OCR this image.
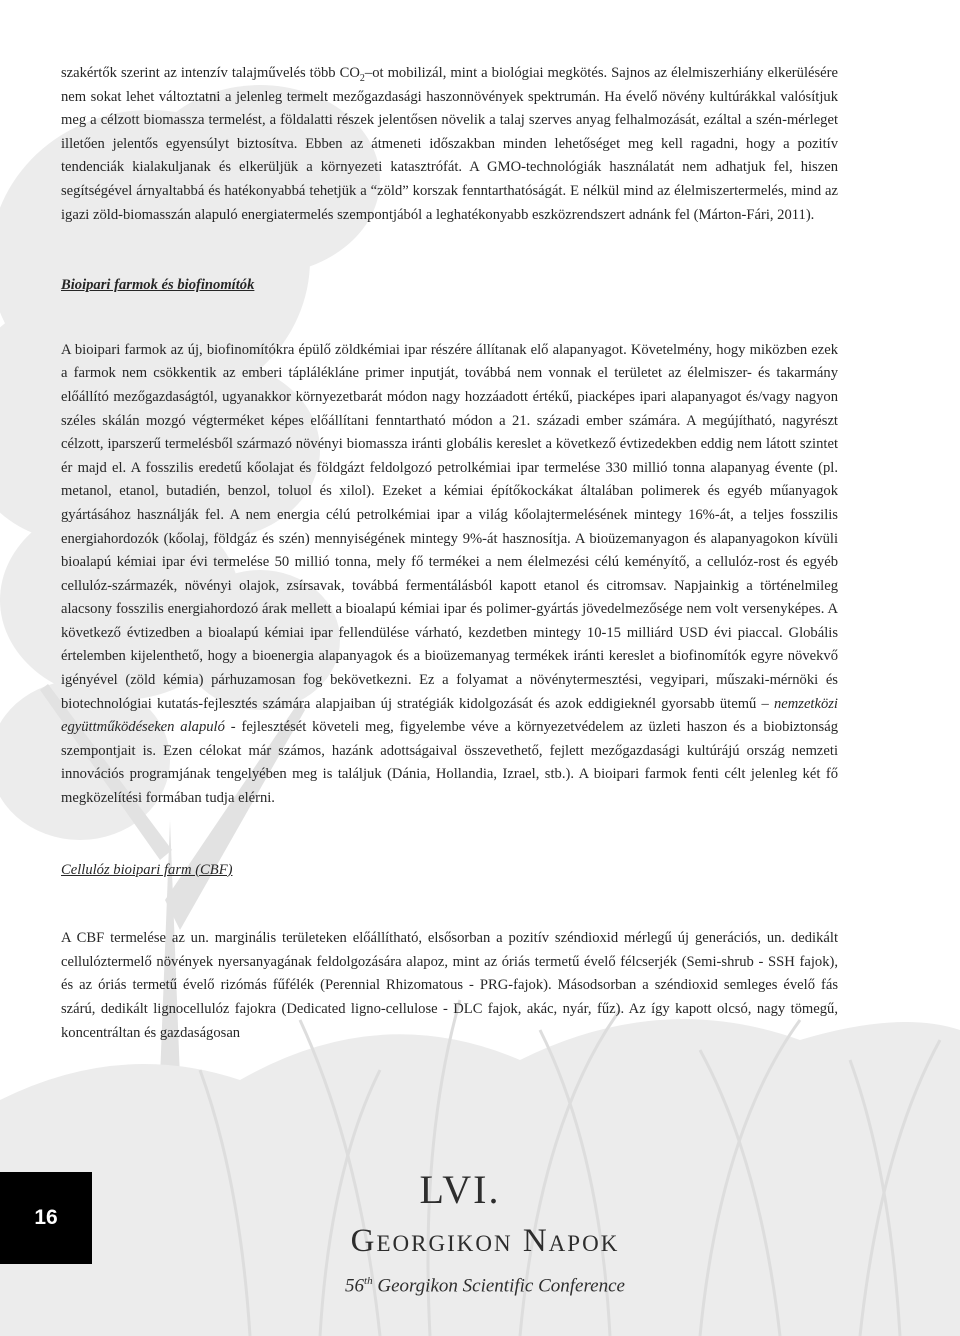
szakértők szerint az intenzív talajművelés több $CO_2-ot$ mobilizál, mint a biológiai megkötés. Sajnos az élelmiszerhiány elkerülésére nem sokat lehet változtatni a jelenleg termelt mezőgazdasági haszonnövények spektrumán. Ha évelő növény kultúrákkal valósítjuk meg a célzott biomassza termelést, a földalatti részek jelentősen növelik a talaj szerves anyag felhalmozását, ezáltal a szén-mérleget illetően jelentős egyensúlyt biztosítva. Ebben az átmeneti időszakban minden lehetőséget meg kell ragadni, hogy a pozitív tendenciák kialakuljanak és elkerüljük a környezeti katasztrófát. A GMO-technológiák használatát nem adhatjuk fel, hiszen segítségével árnyaltabbá és hatékonyabbá tehetjük a “zöld” korszak fenntarthatóságát. E nélkül mind az élelmiszertermelés, mind az igazi zöld-biomasszán alapuló energiatermelés szempontjából a leghatékonyabb eszközrendszert adnánk fel (Márton-Fári, 2011).

Bioipari farmok és biofinomítók

A bioipari farmok az új, biofinomítókra épülő zöldkémiai ipar részére állítanak elő alapanyagot. Követelmény, hogy miközben ezek a farmok nem csökkentik az emberi táplálékláne primer inputját, továbbá nem vonnak el területet az élelmiszer- és takarmány előállító mezőgazdaságtól, ugyanakkor környezetbarát módon nagy hozzáadott értékű, piacképes ipari alapanyagot és/vagy nagyon széles skálán mozgó végterméket képes előállítani fenntartható módon a 21. századi ember számára. A megújítható, nagyrészt célzott, iparszerű termelésből származó növényi biomassza iránti globális kereslet a következő évtizedekben eddig nem látott szintet ér majd el. A fosszilis eredetű kőolajat és földgázt feldolgozó petrolkémiai ipar termelése 330 millió tonna alapanyag évente (pl. metanol, etanol, butadién, benzol, toluol és xilol). Ezeket a kémiai építőkockákat általában polimerek és egyéb műanyagok gyártásához használják fel. A nem energia célú petrolkémiai ipar a világ kőolajtermelésének mintegy 16%-át, a teljes fosszilis energiahordozók (kőolaj, földgáz és szén) mennyiségének mintegy 9%-át hasznosítja. A bioüzemanyagon és alapanyagokon kívüli bioalapú kémiai ipar évi termelése 50 millió tonna, mely fő termékei a nem élelmezési célú keményítő, a cellulóz-rost és egyéb cellulóz-származék, növényi olajok, zsírsavak, továbbá fermentálásból kapott etanol és citromsav. Napjainkig a történelmileg alacsony fosszilis energiahordozó árak mellett a bioalapú kémiai ipar és polimer-gyártás jövedelmezősége nem volt versenyképes. A következő évtizedben a bioalapú kémiai ipar fellendülése várható, kezdetben mintegy 10-15 milliárd USD évi piaccal. Globális értelemben kijelenthető, hogy a bioenergia alapanyagok és a bioüzemanyag termékek iránti kereslet a biofinomítók egyre növekvő igényével (zöld kémia) párhuzamosan fog bekövetkezni. Ez a folyamat a növénytermesztési, vegyipari, műszaki-mérnöki és biotechnológiai kutatás-fejlesztés számára alapjaiban új stratégiák kidolgozását és azok eddigieknél gyorsabb ütemű – nemzetközi együttműködéseken alapuló - fejlesztését követeli meg, figyelembe véve a környezetvédelem az üzleti haszon és a biobiztonság szempontjait is. Ezen célokat már számos, hazánk adottságaival összevethető, fejlett mezőgazdasági kultúrájú ország nemzeti innovációs programjának tengelyében meg is találjuk (Dánia, Hollandia, Izrael, stb.). A bioipari farmok fenti célt jelenleg két fő megközelítési formában tudja elérni.

Cellulóz bioipari farm (CBF)

A CBF termelése az un. marginális területeken előállítható, elsősorban a pozitív széndioxid mérlegű új generációs, un. dedikált cellulóztermelő növények nyersanyagának feldolgozására alapoz, mint az óriás termetű évelő félcserjék (Semi-shrub - SSH fajok), és az óriás termetű évelő rizómás fűfélék (Perennial Rhizomatous - PRG-fajok). Másodsorban a széndioxid semleges évelő fás szárú, dedikált lignocellulóz fajokra (Dedicated ligno-cellulose - DLC fajok, akác, nyár, fűz). Az így kapott olcsó, nagy tömegű, koncentráltan és gazdaságosan

16
LVI.
Georgikon Napok
56th Georgikon Scientific Conference
